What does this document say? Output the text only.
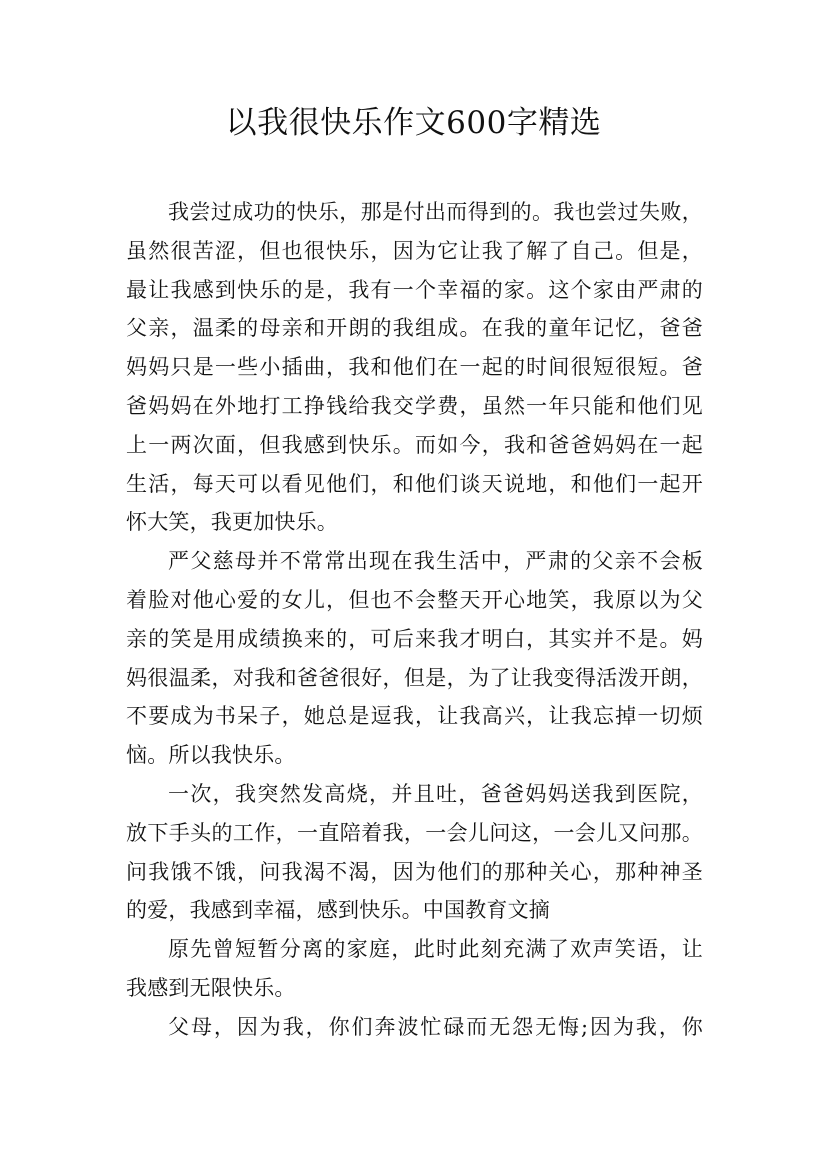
以我很快乐作文600字精选
我尝过成功的快乐，那是付出而得到的。我也尝过失败，
虽然很苦涩，但也很快乐，因为它让我了解了自己。但是，
最让我感到快乐的是，我有一个幸福的家。这个家由严肃的
父亲，温柔的母亲和开朗的我组成。在我的童年记忆，爸爸
妈妈只是一些小插曲，我和他们在一起的时间很短很短。爸
爸妈妈在外地打工挣钱给我交学费，虽然一年只能和他们见
上一两次面，但我感到快乐。而如今，我和爸爸妈妈在一起
生活，每天可以看见他们，和他们谈天说地，和他们一起开
怀大笑，我更加快乐。
严父慈母并不常常出现在我生活中，严肃的父亲不会板
着脸对他心爱的女儿，但也不会整天开心地笑，我原以为父
亲的笑是用成绩换来的，可后来我才明白，其实并不是。妈
妈很温柔，对我和爸爸很好，但是，为了让我变得活泼开朗，
不要成为书呆子，她总是逗我，让我高兴，让我忘掉一切烦
恼。所以我快乐。
一次，我突然发高烧，并且吐，爸爸妈妈送我到医院，
放下手头的工作，一直陪着我，一会儿问这，一会儿又问那。
问我饿不饿，问我渴不渴，因为他们的那种关心，那种神圣
的爱，我感到幸福，感到快乐。中国教育文摘
原先曾短暂分离的家庭，此时此刻充满了欢声笑语，让
我感到无限快乐。
父母，因为我，你们奔波忙碌而无怨无悔;因为我，你
